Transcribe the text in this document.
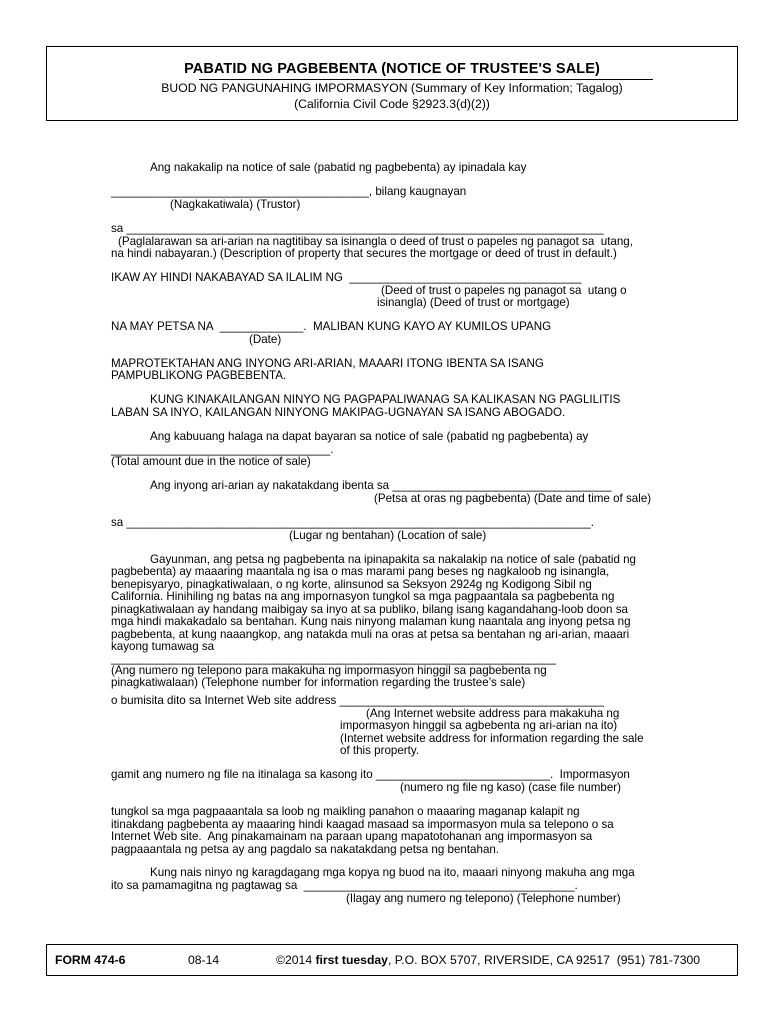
PABATID NG PAGBEBENTA (NOTICE OF TRUSTEE'S SALE)
BUOD NG PANGUNAHING IMPORMASYON (Summary of Key Information; Tagalog)
(California Civil Code §2923.3(d)(2))
Ang nakakalip na notice of sale (pabatid ng pagbebenta) ay ipinadala kay
________________________________________, bilang kaugnayan
(Nagkakatiwala) (Trustor)
sa __________________________________________________________________________
(Paglalarawan sa ari-arian na nagtitibay sa isinangla o deed of trust o papeles ng panagot sa  utang,
na hindi nabayaran.) (Description of property that secures the mortgage or deed of trust in default.)
IKAW AY HINDI NAKABAYAD SA ILALIM NG  ____________________________________
(Deed of trust o papeles ng panagot sa  utang o
isinangla) (Deed of trust or mortgage)
NA MAY PETSA NA  _____________.  MALIBAN KUNG KAYO AY KUMILOS UPANG
(Date)
MAPROTEKTAHAN ANG INYONG ARI-ARIAN, MAAARI ITONG IBENTA SA ISANG
PAMPUBLIKONG PAGBEBENTA.
KUNG KINAKAILANGAN NINYO NG PAGPAPALIWANAG SA KALIKASAN NG PAGLILITIS
LABAN SA INYO, KAILANGAN NINYONG MAKIPAG-UGNAYAN SA ISANG ABOGADO.
Ang kabuuang halaga na dapat bayaran sa notice of sale (pabatid ng pagbebenta) ay
__________________________________.
(Total amount due in the notice of sale)
Ang inyong ari-arian ay nakatakdang ibenta sa __________________________________
(Petsa at oras ng pagbebenta) (Date and time of sale)
sa ________________________________________________________________________.
(Lugar ng bentahan) (Location of sale)
Gayunman, ang petsa ng pagbebenta na ipinapakita sa nakalakip na notice of sale (pabatid ng
pagbebenta) ay maaaring maantala ng isa o mas marami pang beses ng nagkaloob ng isinangla,
benepisyaryo, pinagkatiwalaan, o ng korte, alinsunod sa Seksyon 2924g ng Kodigong Sibil ng
California. Hinihiling ng batas na ang impornasyon tungkol sa mga pagpaantala sa pagbebenta ng
pinagkatiwalaan ay handang maibigay sa inyo at sa publiko, bilang isang kagandahang-loob doon sa
mga hindi makakadalo sa bentahan. Kung nais ninyong malaman kung naantala ang inyong petsa ng
pagbebenta, at kung naaangkop, ang natakda muli na oras at petsa sa bentahan ng ari-arian, maaari
kayong tumawag sa
_____________________________________________________________________
(Ang numero ng telepono para makakuha ng impormasyon hinggil sa pagbebenta ng
pinagkatiwalaan) (Telephone number for information regarding the trustee’s sale)
o bumisita dito sa Internet Web site address _________________________________________
(Ang Internet website address para makakuha ng
impormasyon hinggil sa agbebenta ng ari-arian na ito)
(Internet website address for information regarding the sale
of this property.
gamit ang numero ng file na itinalaga sa kasong ito ___________________________.  Impormasyon
(numero ng file ng kaso) (case file number)
tungkol sa mga pagpaaantala sa loob ng maikling panahon o maaaring maganap kalapit ng
itinakdang pagbebenta ay maaaring hindi kaagad masaad sa impormasyon mula sa telepono o sa
Internet Web site.  Ang pinakamainam na paraan upang mapatotohanan ang impormasyon sa
pagpaaantala ng petsa ay ang pagdalo sa nakatakdang petsa ng bentahan.
Kung nais ninyo ng karagdagang mga kopya ng buod na ito, maaari ninyong makuha ang mga
ito sa pamamagitna ng pagtawag sa  __________________________________________.
(Ilagay ang numero ng telepono) (Telephone number)
FORM 474-6	08-14	©2014 first tuesday, P.O. BOX 5707, RIVERSIDE, CA 92517  (951) 781-7300
